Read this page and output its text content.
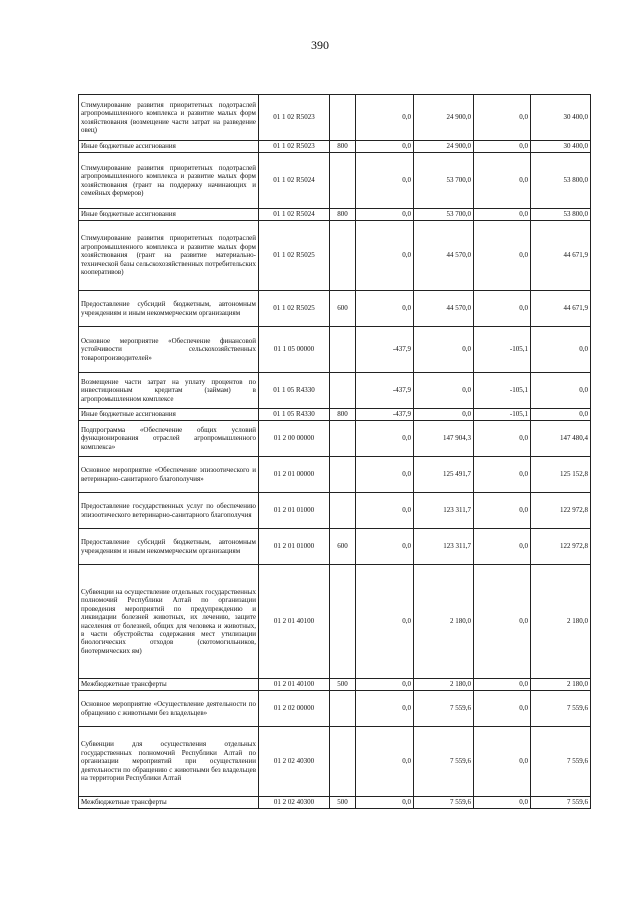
390
Стимулирование развития приоритетных подотраслей агропромышленного комплекса и развитие малых форм хозяйствования (возмещение части затрат на разведение овец)	01 1 02 R5023		0,0	24 900,0	0,0	30 400,0
Иные бюджетные ассигнования	01 1 02 R5023	800	0,0	24 900,0	0,0	30 400,0
Стимулирование развития приоритетных подотраслей агропромышленного комплекса и развитие малых форм хозяйствования (грант на поддержку начинающих и семейных фермеров)	01 1 02 R5024		0,0	53 700,0	0,0	53 800,0
Иные бюджетные ассигнования	01 1 02 R5024	800	0,0	53 700,0	0,0	53 800,0
Стимулирование развития приоритетных подотраслей агропромышленного комплекса и развитие малых форм хозяйствования (грант на развитие материально-технической базы сельскохозяйственных потребительских кооперативов)	01 1 02 R5025		0,0	44 570,0	0,0	44 671,9
Предоставление субсидий бюджетным, автономным учреждениям и иным некоммерческим организациям	01 1 02 R5025	600	0,0	44 570,0	0,0	44 671,9
Основное мероприятие «Обеспечение финансовой устойчивости сельскохозяйственных товаропроизводителей»	01 1 05 00000		-437,9	0,0	-105,1	0,0
Возмещение части затрат на уплату процентов по инвестиционным кредитам (займам) в агропромышленном комплексе	01 1 05 R4330		-437,9	0,0	-105,1	0,0
Иные бюджетные ассигнования	01 1 05 R4330	800	-437,9	0,0	-105,1	0,0
Подпрограмма «Обеспечение общих условий функционирования отраслей агропромышленного комплекса»	01 2 00 00000		0,0	147 904,3	0,0	147 480,4
Основное мероприятие «Обеспечение эпизоотического и ветеринарно-санитарного благополучия»	01 2 01 00000		0,0	125 491,7	0,0	125 152,8
Предоставление государственных услуг по обеспечению эпизоотического ветеринарно-санитарного благополучия	01 2 01 01000		0,0	123 311,7	0,0	122 972,8
Предоставление субсидий бюджетным, автономным учреждениям и иным некоммерческим организациям	01 2 01 01000	600	0,0	123 311,7	0,0	122 972,8
Субвенции на осуществление отдельных государственных полномочий Республики Алтай по организации проведения мероприятий по предупреждению и ликвидации болезней животных, их лечению, защите населения от болезней, общих для человека и животных, в части обустройства содержания мест утилизации биологических отходов (скотомогильников, биотермических ям)	01 2 01 40100		0,0	2 180,0	0,0	2 180,0
Межбюджетные трансферты	01 2 01 40100	500	0,0	2 180,0	0,0	2 180,0
Основное мероприятие «Осуществление деятельности по обращению с животными без владельцев»	01 2 02 00000		0,0	7 559,6	0,0	7 559,6
Субвенции для осуществления отдельных государственных полномочий Республики Алтай по организации мероприятий при осуществлении деятельности по обращению с животными без владельцев на территории Республики Алтай	01 2 02 40300		0,0	7 559,6	0,0	7 559,6
Межбюджетные трансферты	01 2 02 40300	500	0,0	7 559,6	0,0	7 559,6
